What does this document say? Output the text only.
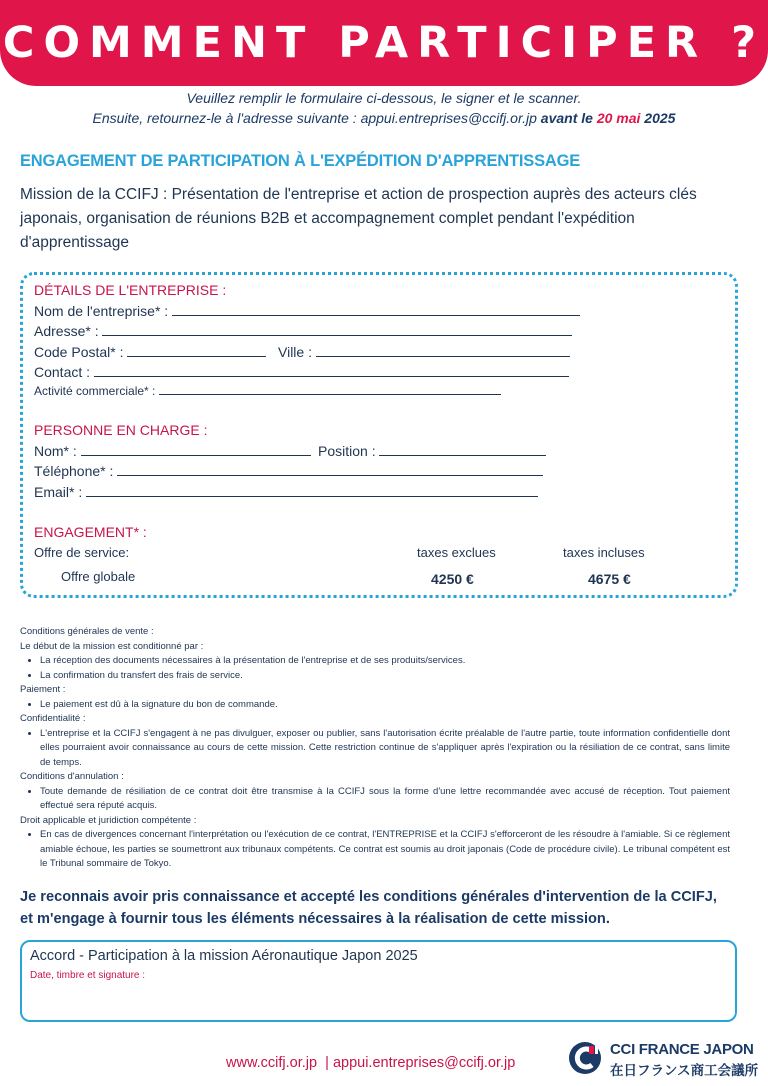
COMMENT PARTICIPER ?
Veuillez remplir le formulaire ci-dessous, le signer et le scanner.
Ensuite, retournez-le à l'adresse suivante : appui.entreprises@ccifj.or.jp avant le 20 mai 2025
ENGAGEMENT DE PARTICIPATION À L'EXPÉDITION D'APPRENTISSAGE
Mission de la CCIFJ : Présentation de l'entreprise et action de prospection auprès des acteurs clés japonais, organisation de réunions B2B et accompagnement complet pendant l'expédition d'apprentissage
DÉTAILS DE L'ENTREPRISE :
Nom de l'entreprise* :
Adresse* :
Code Postal* :	Ville :
Contact :
Activité commerciale* :
PERSONNE EN CHARGE :
Nom* :	Position :
Téléphone* :
Email* :
ENGAGEMENT* :
Offre de service:	taxes exclues	taxes incluses
Offre globale	4250 €	4675 €

Conditions générales de vente :

Le début de la mission est conditionné par :

• La réception des documents nécessaires à la présentation de l'entreprise et de ses produits/services.
• La confirmation du transfert des frais de service.

Paiement :

• Le paiement est dû à la signature du bon de commande.

Confidentialité :

• L'entreprise et la CCIFJ s'engagent à ne pas divulguer, exposer ou publier, sans l'autorisation écrite préalable de l'autre partie, toute information confidentielle dont elles pourraient avoir connaissance au cours de cette mission. Cette restriction continue de s'appliquer après l'expiration ou la résiliation de ce contrat, sans limite de temps.

Conditions d'annulation :

• Toute demande de résiliation de ce contrat doit être transmise à la CCIFJ sous la forme d'une lettre recommandée avec accusé de réception. Tout paiement effectué sera réputé acquis.

Droit applicable et juridiction compétente :

• En cas de divergences concernant l'interprétation ou l'exécution de ce contrat, l'ENTREPRISE et la CCIFJ s'efforceront de les résoudre à l'amiable. Si ce règlement amiable échoue, les parties se soumettront aux tribunaux compétents. Ce contrat est soumis au droit japonais (Code de procédure civile). Le tribunal compétent est le Tribunal sommaire de Tokyo.
Je reconnais avoir pris connaissance et accepté les conditions générales d'intervention de la CCIFJ,
et m'engage à fournir tous les éléments nécessaires à la réalisation de cette mission.
Accord - Participation à la mission Aéronautique Japon 2025
Date, timbre et signature :
www.ccifj.or.jp | appui.entreprises@ccifj.or.jp
CCI FRANCE JAPON
在日フランス商工会議所
